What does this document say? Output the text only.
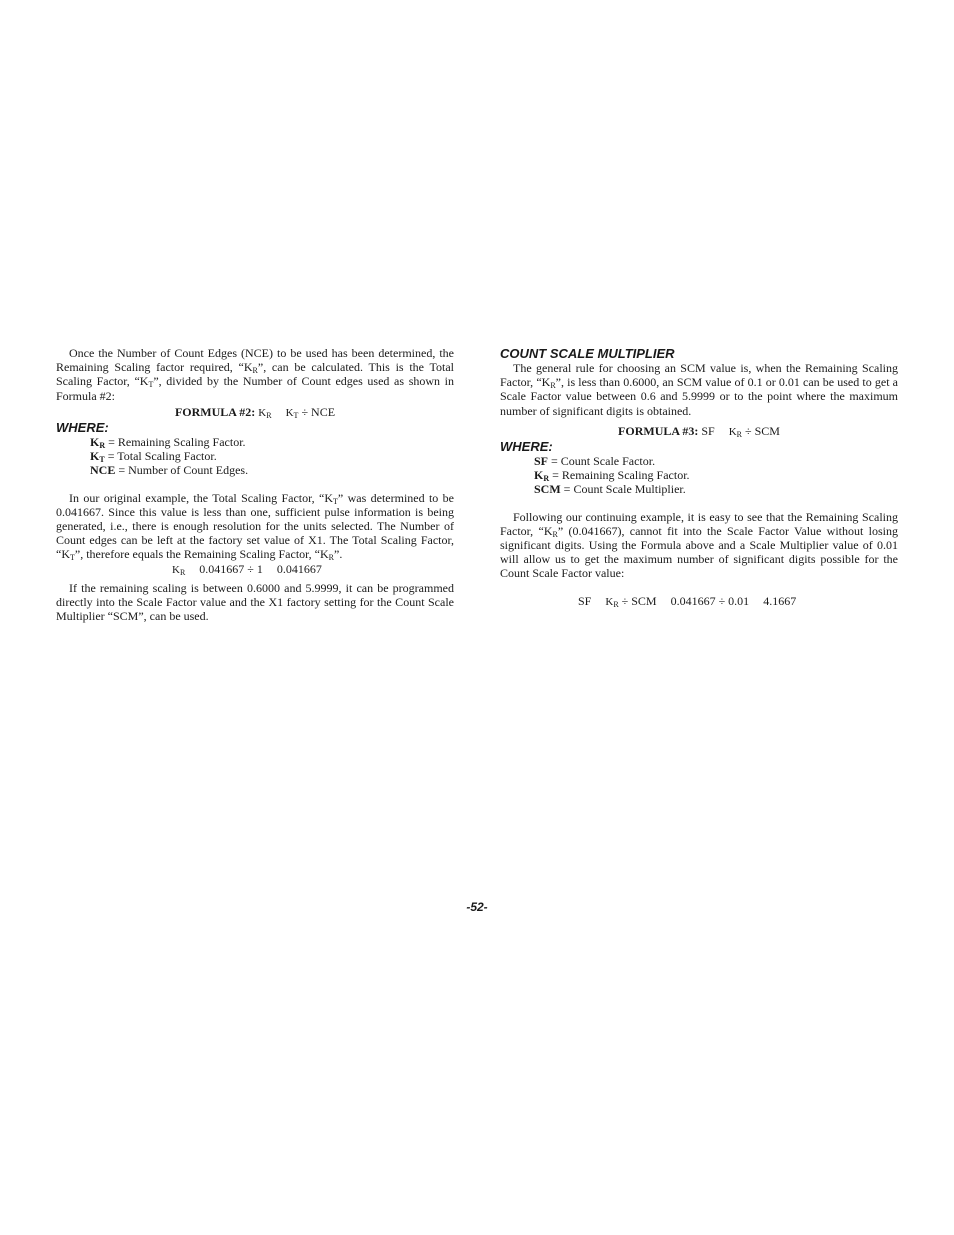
Once the Number of Count Edges (NCE) to be used has been determined, the Remaining Scaling factor required, “$K_R$”, can be calculated. This is the Total Scaling Factor, “$K_T$”, divided by the Number of Count edges used as shown in Formula #2:

FORMULA #2: $K_R$ $K_T$ ÷ NCE
WHERE:
$K_R$ = Remaining Scaling Factor.
$K_T$ = Total Scaling Factor.
NCE = Number of Count Edges.

In our original example, the Total Scaling Factor, “$K_T$” was determined to be 0.041667. Since this value is less than one, sufficient pulse information is being generated, i.e., there is enough resolution for the units selected. The Number of Count edges can be left at the factory set value of X1. The Total Scaling Factor, “$K_T$”, therefore equals the Remaining Scaling Factor, “$K_R$”.

$K_R$ 0.041667 ÷ 1 0.041667

If the remaining scaling is between 0.6000 and 5.9999, it can be programmed directly into the Scale Factor value and the X1 factory setting for the Count Scale Multiplier “SCM”, can be used.

COUNT SCALE MULTIPLIER

The general rule for choosing an SCM value is, when the Remaining Scaling Factor, “$K_R$”, is less than 0.6000, an SCM value of 0.1 or 0.01 can be used to get a Scale Factor value between 0.6 and 5.9999 or to the point where the maximum number of significant digits is obtained.

FORMULA #3: SF $K_R$ ÷ SCM
WHERE:
SF = Count Scale Factor.
$K_R$ = Remaining Scaling Factor.
SCM = Count Scale Multiplier.

Following our continuing example, it is easy to see that the Remaining Scaling Factor, “$K_R$” (0.041667), cannot fit into the Scale Factor Value without losing significant digits. Using the Formula above and a Scale Multiplier value of 0.01 will allow us to get the maximum number of significant digits possible for the Count Scale Factor value:

SF $K_R$ ÷ SCM 0.041667 ÷ 0.01 4.1667
-52-
